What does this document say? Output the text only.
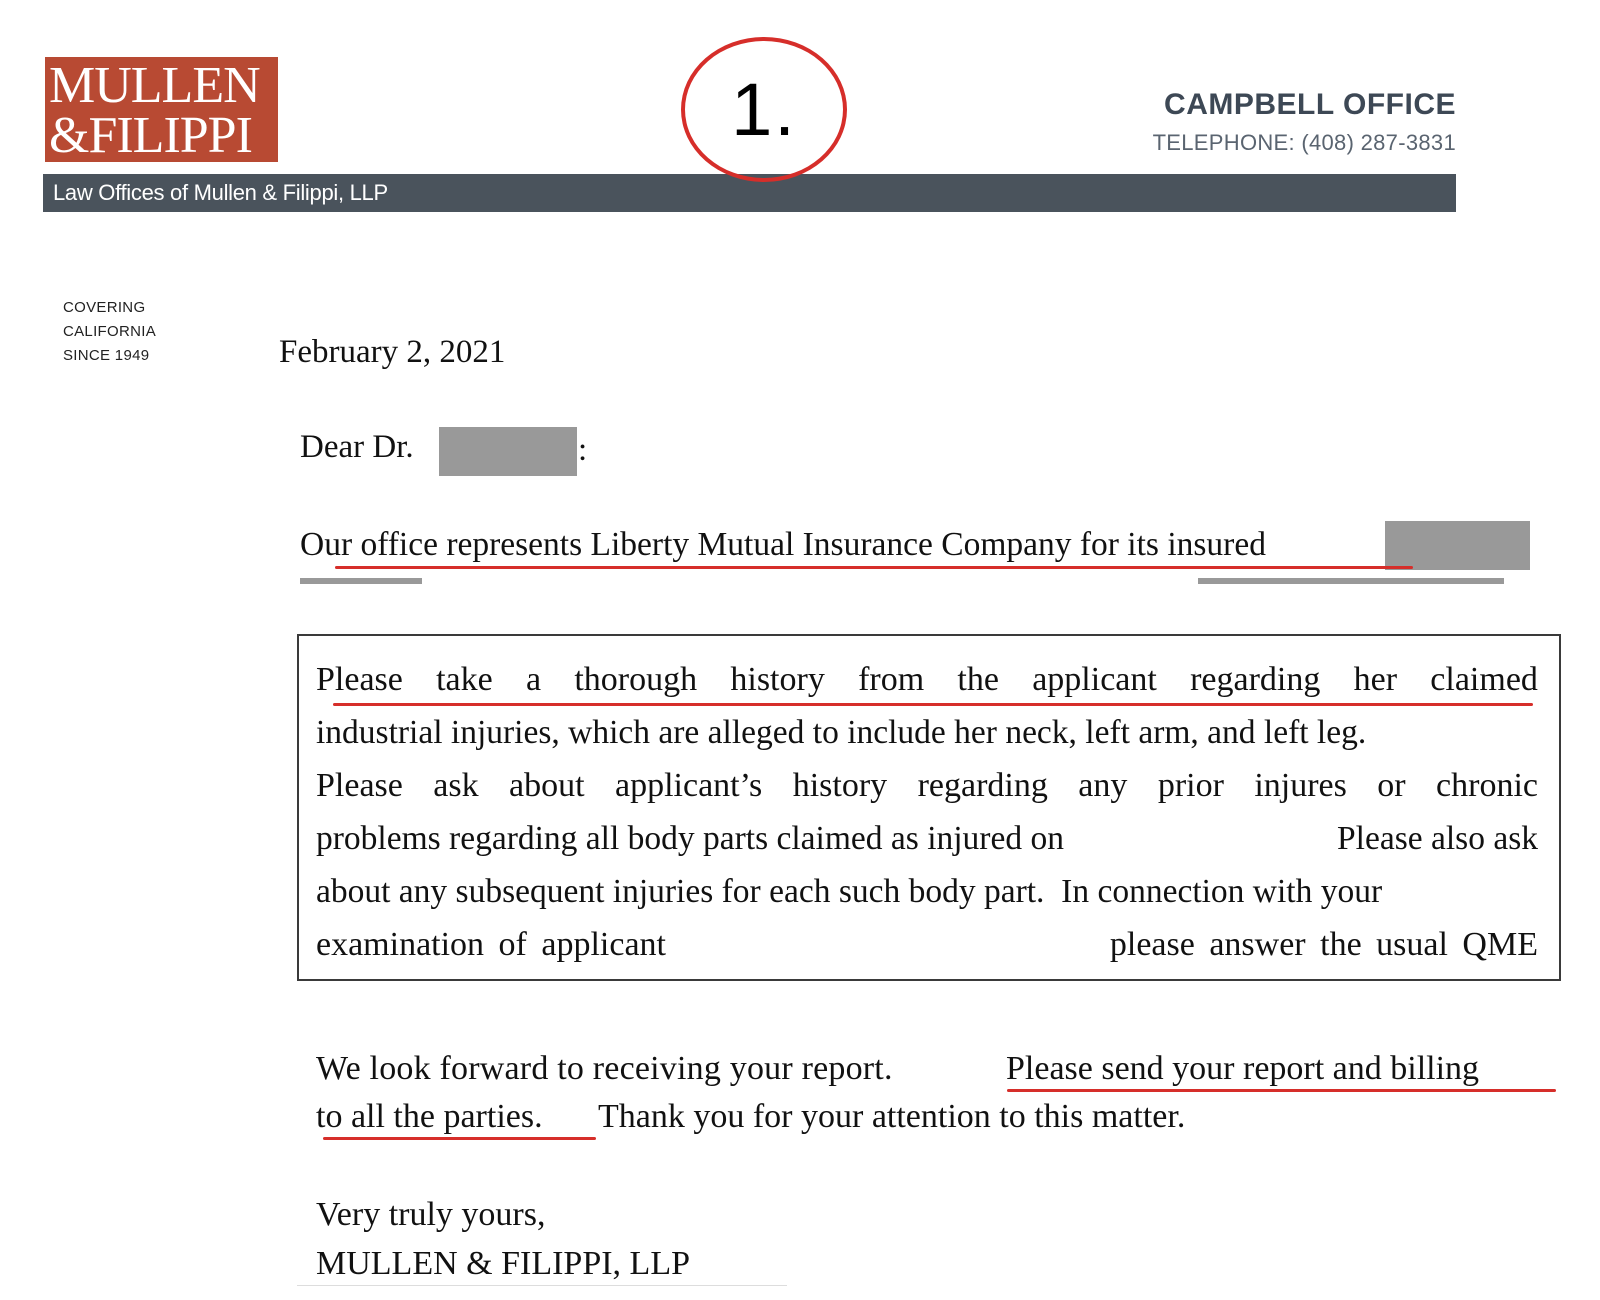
MULLEN
&FILIPPI
Law Offices of Mullen & Filippi, LLP
CAMPBELL OFFICE
TELEPHONE: (408) 287-3831
1.
COVERING
CALIFORNIA
SINCE 1949	February 2, 2021
Dear Dr.	:
Our office represents Liberty Mutual Insurance Company for its insured
Please take a thorough history from the applicant regarding her claimed
industrial injuries, which are alleged to include her neck, left arm, and left leg.
Please ask about applicant’s history regarding any prior injures or chronic
problems regarding all body parts claimed as injured on	Please also ask
about any subsequent injuries for each such body part.  In connection with your
examination of applicant	please answer the usual QME
We look forward to receiving your report.	Please send your report and billing
to all the parties. Thank you for your attention to this matter.
Very truly yours,
MULLEN & FILIPPI, LLP
